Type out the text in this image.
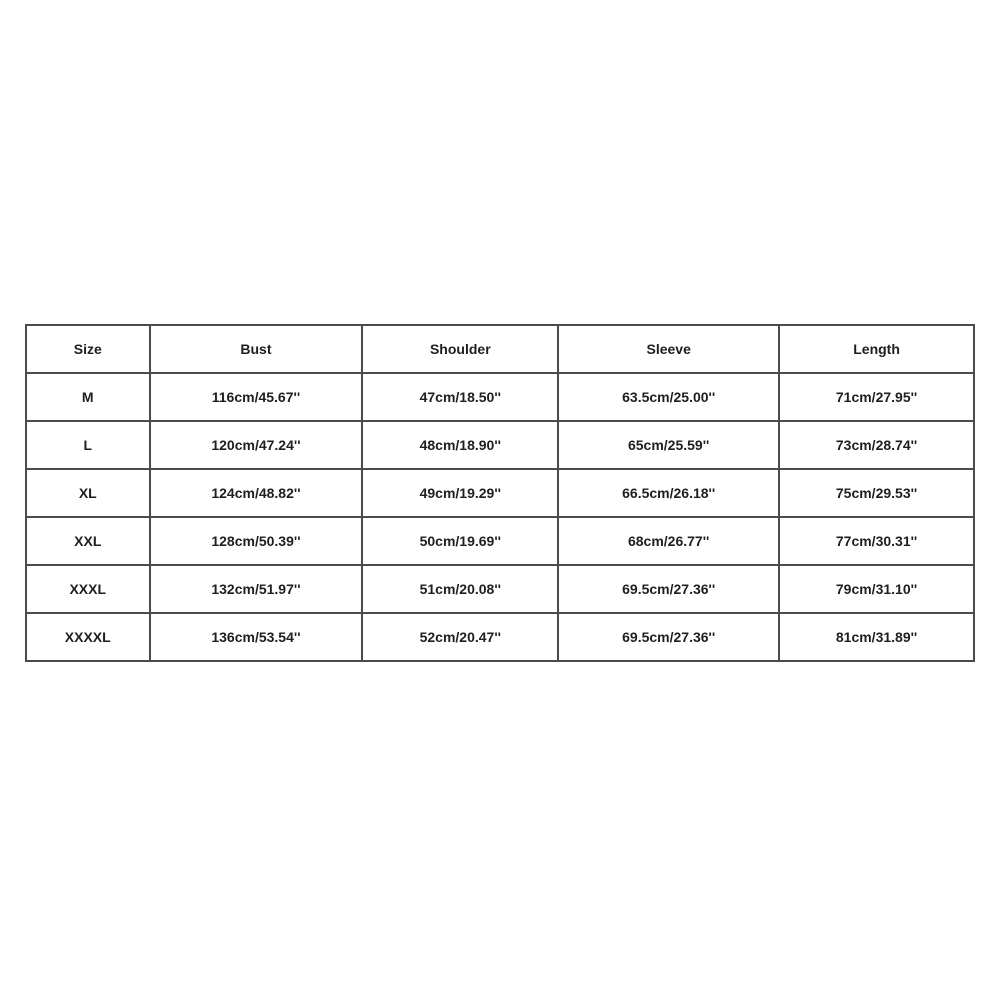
Size	Bust	Shoulder	Sleeve	Length
M	116cm/45.67''	47cm/18.50''	63.5cm/25.00''	71cm/27.95''
L	120cm/47.24''	48cm/18.90''	65cm/25.59''	73cm/28.74''
XL	124cm/48.82''	49cm/19.29''	66.5cm/26.18''	75cm/29.53''
XXL	128cm/50.39''	50cm/19.69''	68cm/26.77''	77cm/30.31''
XXXL	132cm/51.97''	51cm/20.08''	69.5cm/27.36''	79cm/31.10''
XXXXL	136cm/53.54''	52cm/20.47''	69.5cm/27.36''	81cm/31.89''
